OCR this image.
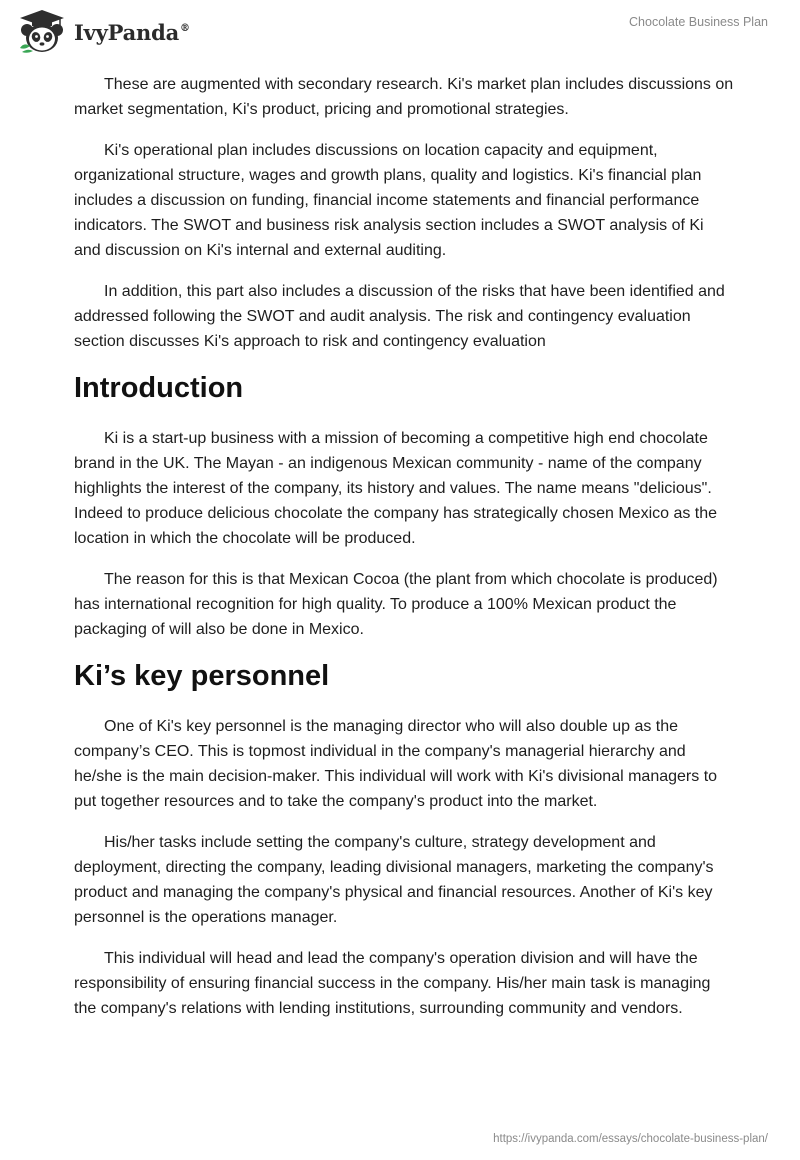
IvyPanda®	Chocolate Business Plan

These are augmented with secondary research. Ki's market plan includes discussions on market segmentation, Ki's product, pricing and promotional strategies.

Ki's operational plan includes discussions on location capacity and equipment, organizational structure, wages and growth plans, quality and logistics. Ki's financial plan includes a discussion on funding, financial income statements and financial performance indicators. The SWOT and business risk analysis section includes a SWOT analysis of Ki and discussion on Ki's internal and external auditing.

In addition, this part also includes a discussion of the risks that have been identified and addressed following the SWOT and audit analysis. The risk and contingency evaluation section discusses Ki's approach to risk and contingency evaluation

Introduction

Ki is a start-up business with a mission of becoming a competitive high end chocolate brand in the UK. The Mayan - an indigenous Mexican community - name of the company highlights the interest of the company, its history and values. The name means "delicious". Indeed to produce delicious chocolate the company has strategically chosen Mexico as the location in which the chocolate will be produced.

The reason for this is that Mexican Cocoa (the plant from which chocolate is produced) has international recognition for high quality. To produce a 100% Mexican product the packaging of will also be done in Mexico.

Ki’s key personnel

One of Ki's key personnel is the managing director who will also double up as the company’s CEO. This is topmost individual in the company's managerial hierarchy and he/she is the main decision-maker. This individual will work with Ki's divisional managers to put together resources and to take the company's product into the market.

His/her tasks include setting the company's culture, strategy development and deployment, directing the company, leading divisional managers, marketing the company's product and managing the company's physical and financial resources. Another of Ki's key personnel is the operations manager.

This individual will head and lead the company's operation division and will have the responsibility of ensuring financial success in the company. His/her main task is managing the company's relations with lending institutions, surrounding community and vendors.

https://ivypanda.com/essays/chocolate-business-plan/
